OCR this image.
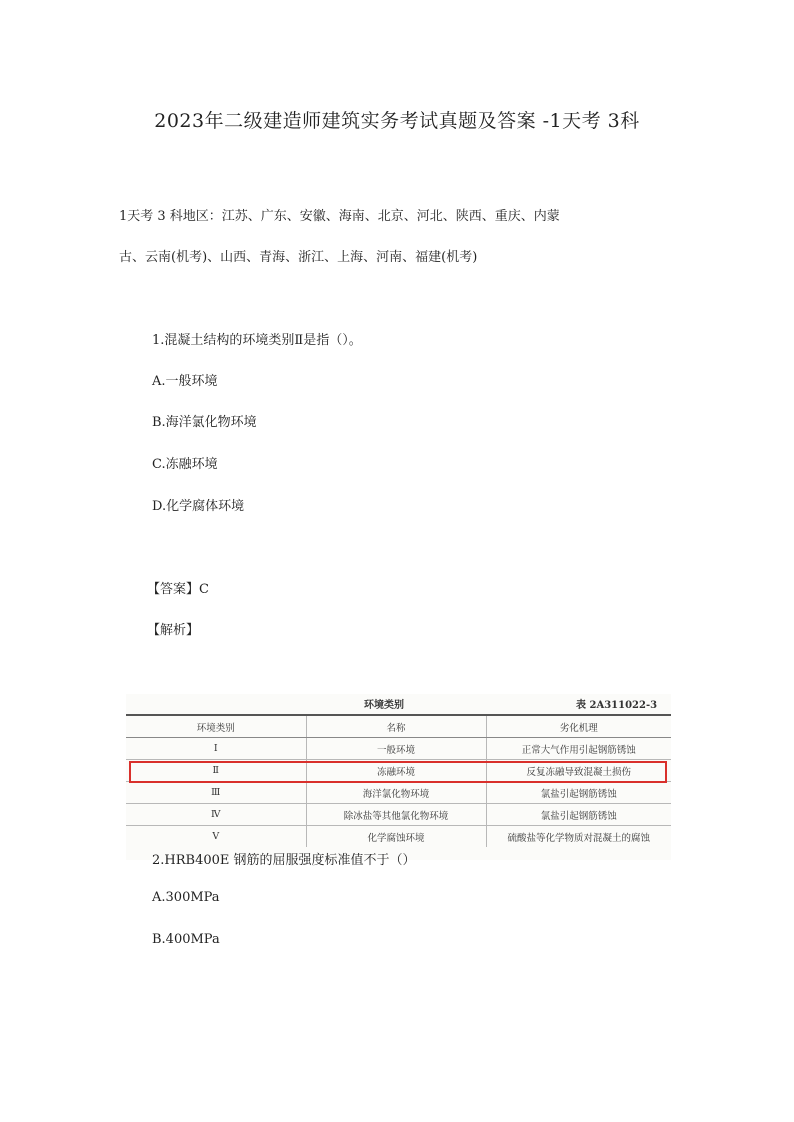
2023年二级建造师建筑实务考试真题及答案 -1天考 3科
1天考 3 科地区：江苏、广东、安徽、海南、北京、河北、陕西、重庆、内蒙
古、云南(机考)、山西、青海、浙江、上海、河南、福建(机考)
1.混凝土结构的环境类别Ⅱ是指（）。
A.一般环境
B.海洋氯化物环境
C.冻融环境
D.化学腐体环境
【答案】C
【解析】
环境类别	表 2A311022-3
环境类别	名称	劣化机理
Ⅰ	一般环境	正常大气作用引起钢筋锈蚀
Ⅱ	冻融环境	反复冻融导致混凝土损伤
Ⅲ	海洋氯化物环境	氯盐引起钢筋锈蚀
Ⅳ	除冰盐等其他氯化物环境	氯盐引起钢筋锈蚀
Ⅴ	化学腐蚀环境	硫酸盐等化学物质对混凝土的腐蚀
2.HRB400E 钢筋的屈服强度标准值不于（）
A.300MPa
B.400MPa
